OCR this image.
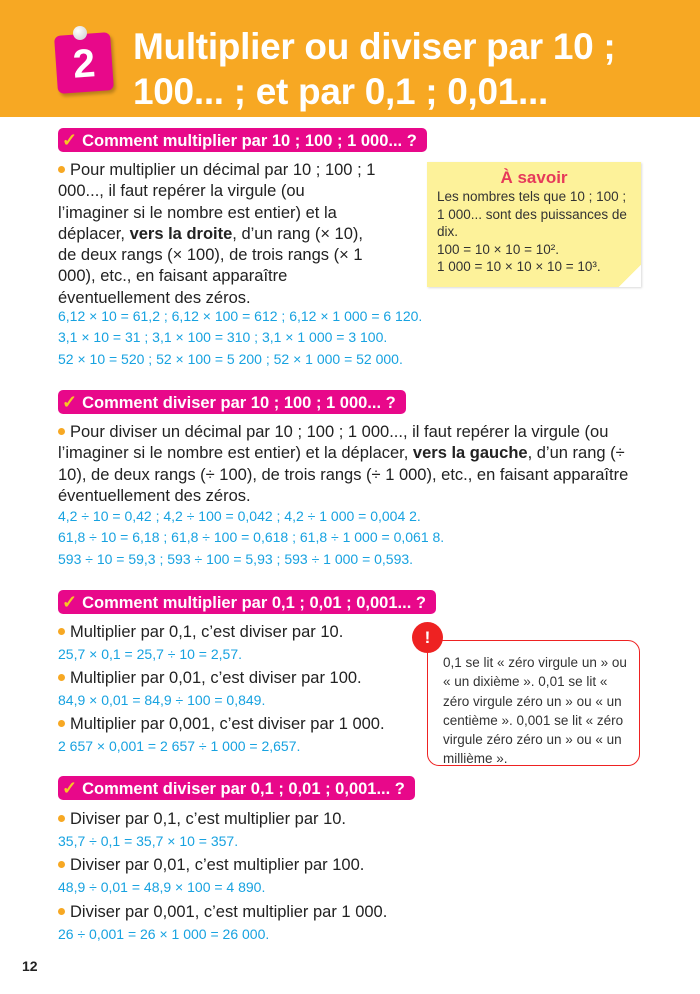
2 Multiplier ou diviser par 10 ;
100... ; et par 0,1 ; 0,01...
✓ Comment multiplier par 10 ; 100 ; 1 000... ?
Pour multiplier un décimal par 10 ; 100 ; 1 000..., il faut repérer la virgule (ou l’imaginer si le nombre est entier) et la déplacer, vers la droite, d’un rang (× 10), de deux rangs (× 100), de trois rangs (× 1 000), etc., en faisant apparaître éventuellement des zéros.
6,12 × 10 = 61,2 ; 6,12 × 100 = 612 ; 6,12 × 1 000 = 6 120.
3,1 × 10 = 31 ; 3,1 × 100 = 310 ; 3,1 × 1 000 = 3 100.
52 × 10 = 520 ; 52 × 100 = 5 200 ; 52 × 1 000 = 52 000.
À savoir
Les nombres tels que 10 ; 100 ; 1 000... sont des puissances de dix.
100 = 10 × 10 = 10².
1 000 = 10 × 10 × 10 = 10³.
✓ Comment diviser par 10 ; 100 ; 1 000... ?
Pour diviser un décimal par 10 ; 100 ; 1 000..., il faut repérer la virgule (ou l’imaginer si le nombre est entier) et la déplacer, vers la gauche, d’un rang (÷ 10), de deux rangs (÷ 100), de trois rangs (÷ 1 000), etc., en faisant apparaître éventuellement des zéros.
4,2 ÷ 10 = 0,42 ; 4,2 ÷ 100 = 0,042 ; 4,2 ÷ 1 000 = 0,004 2.
61,8 ÷ 10 = 6,18 ; 61,8 ÷ 100 = 0,618 ; 61,8 ÷ 1 000 = 0,061 8.
593 ÷ 10 = 59,3 ; 593 ÷ 100 = 5,93 ; 593 ÷ 1 000 = 0,593.
✓ Comment multiplier par 0,1 ; 0,01 ; 0,001... ?
Multiplier par 0,1, c’est diviser par 10.
25,7 × 0,1 = 25,7 ÷ 10 = 2,57.
Multiplier par 0,01, c’est diviser par 100.
84,9 × 0,01 = 84,9 ÷ 100 = 0,849.
Multiplier par 0,001, c’est diviser par 1 000.
2 657 × 0,001 = 2 657 ÷ 1 000 = 2,657.
0,1 se lit « zéro virgule un » ou « un dixième ». 0,01 se lit « zéro virgule zéro un » ou « un centième ». 0,001 se lit « zéro virgule zéro zéro un » ou « un millième ».
!
✓ Comment diviser par 0,1 ; 0,01 ; 0,001... ?
Diviser par 0,1, c’est multiplier par 10.
35,7 ÷ 0,1 = 35,7 × 10 = 357.
Diviser par 0,01, c’est multiplier par 100.
48,9 ÷ 0,01 = 48,9 × 100 = 4 890.
Diviser par 0,001, c’est multiplier par 1 000.
26 ÷ 0,001 = 26 × 1 000 = 26 000.
12
